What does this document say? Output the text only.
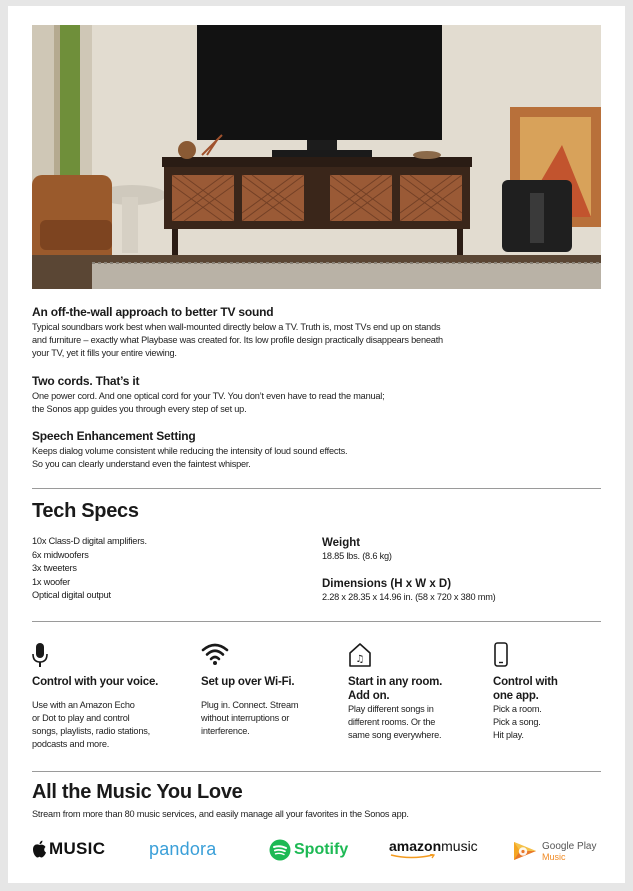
An off-the-wall approach to better TV sound

Typical soundbars work best when wall-mounted directly below a TV. Truth is, most TVs end up on stands
and furniture – exactly what Playbase was created for. Its low profile design practically disappears beneath
your TV, yet it fills your entire viewing.

Two cords. That’s it

One power cord. And one optical cord for your TV. You don’t even have to read the manual;
the Sonos app guides you through every step of set up.

Speech Enhancement Setting

Keeps dialog volume consistent while reducing the intensity of loud sound effects.
So you can clearly understand even the faintest whisper.

Tech Specs

10x Class-D digital amplifiers.
6x midwoofers
3x tweeters
1x woofer
Optical digital output

Weight

18.85 lbs. (8.6 kg)

Dimensions (H x W x D)

2.28 x 28.35 x 14.96 in. (58 x 720 x 380 mm)

Control with your voice.

Use with an Amazon Echo
or Dot to play and control
songs, playlists, radio stations,
podcasts and more.

Set up over Wi-Fi.

Plug in. Connect. Stream
without interruptions or
interference.

♫

Start in any room.
Add on.

Play different songs in
different rooms. Or the
same song everywhere.

Control with
one app.

Pick a room.
Pick a song.
Hit play.

All the Music You Love

Stream from more than 80 music services, and easily manage all your favorites in the Sonos app.

MUSIC pandora	Spotify	amazonmusic	Google Play
Music
